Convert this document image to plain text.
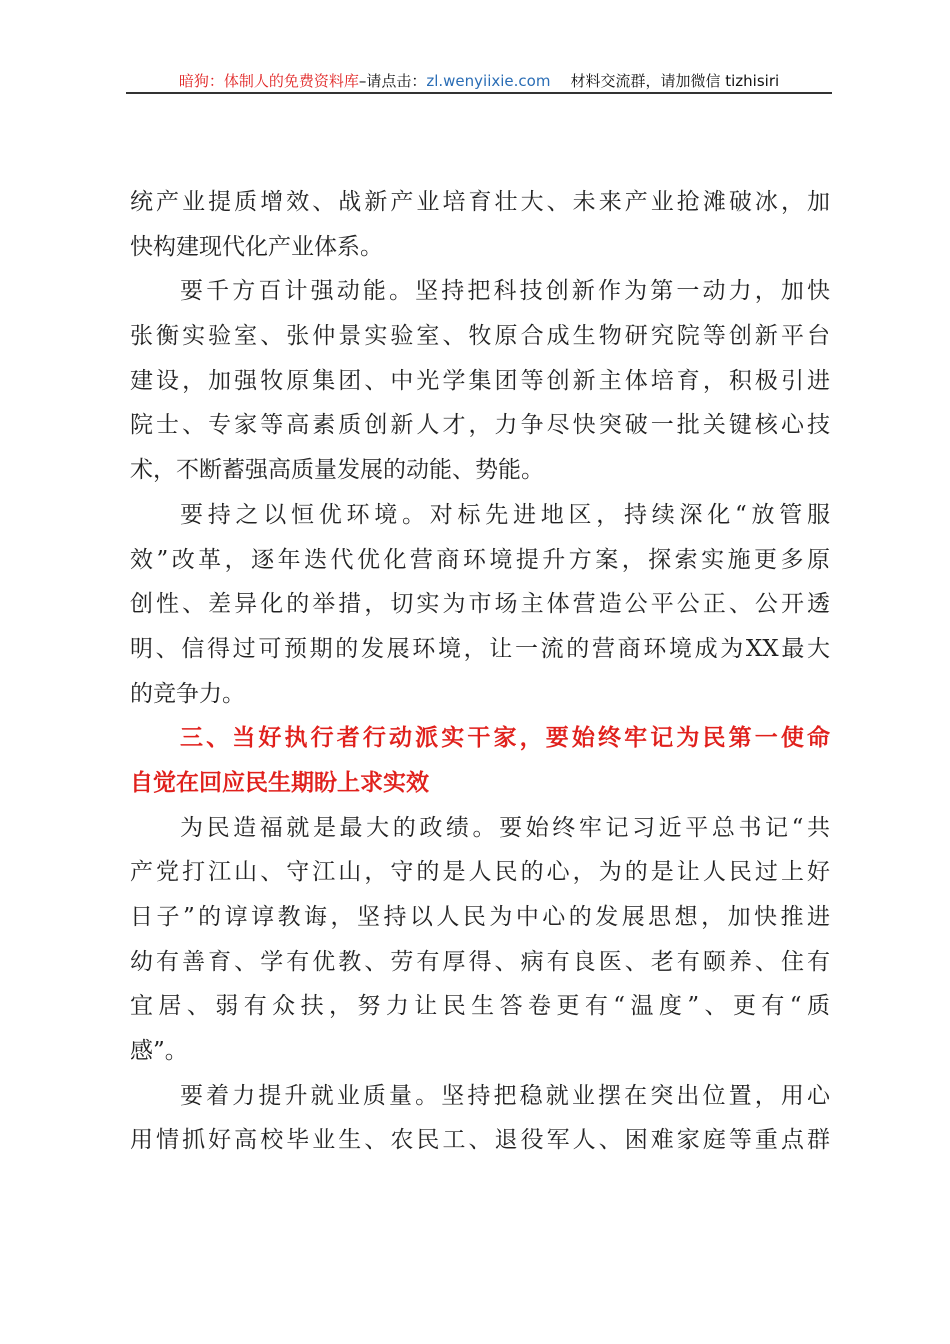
暗狗：体制人的免费资料库–请点击：zl.wenyiixie.com 材料交流群，请加微信 tizhisiri
统产业提质增效、战新产业培育壮大、未来产业抢滩破冰，加
快构建现代化产业体系。
要千方百计强动能。坚持把科技创新作为第一动力，加快
张衡实验室、张仲景实验室、牧原合成生物研究院等创新平台
建设，加强牧原集团、中光学集团等创新主体培育，积极引进
院士、专家等高素质创新人才，力争尽快突破一批关键核心技
术，不断蓄强高质量发展的动能、势能。
要持之以恒优环境。对标先进地区，持续深化“放管服
效”改革，逐年迭代优化营商环境提升方案，探索实施更多原
创性、差异化的举措，切实为市场主体营造公平公正、公开透
明、信得过可预期的发展环境，让一流的营商环境成为XX最大
的竞争力。
三、当好执行者行动派实干家，要始终牢记为民第一使命
自觉在回应民生期盼上求实效
为民造福就是最大的政绩。要始终牢记习近平总书记“共
产党打江山、守江山，守的是人民的心，为的是让人民过上好
日子”的谆谆教诲，坚持以人民为中心的发展思想，加快推进
幼有善育、学有优教、劳有厚得、病有良医、老有颐养、住有
宜居、弱有众扶，努力让民生答卷更有“温度”、更有“质
感”。
要着力提升就业质量。坚持把稳就业摆在突出位置，用心
用情抓好高校毕业生、农民工、退役军人、困难家庭等重点群
